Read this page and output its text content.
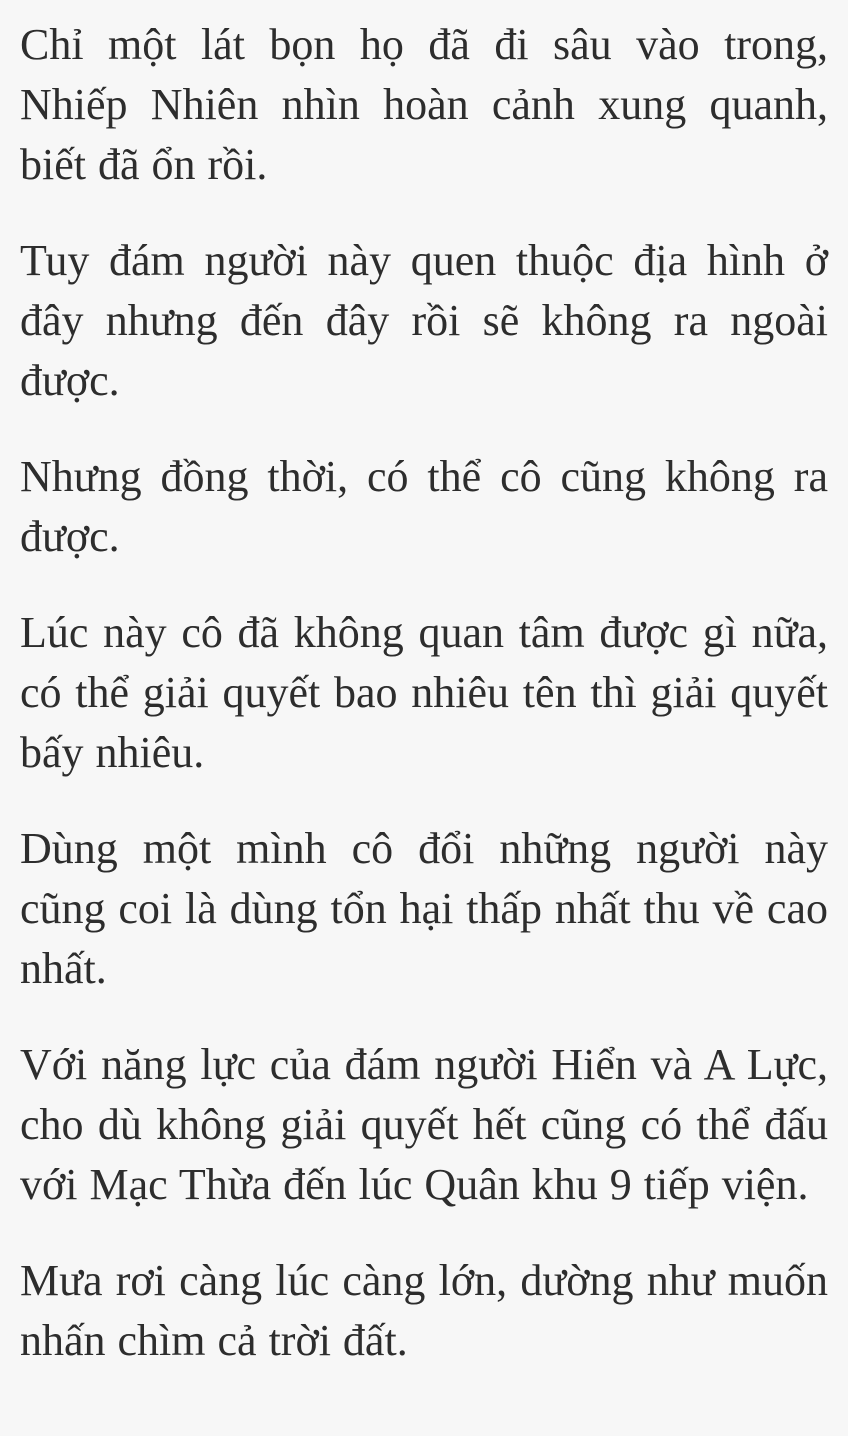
Chỉ một lát bọn họ đã đi sâu vào trong, Nhiếp Nhiên nhìn hoàn cảnh xung quanh, biết đã ổn rồi.

Tuy đám người này quen thuộc địa hình ở đây nhưng đến đây rồi sẽ không ra ngoài được.

Nhưng đồng thời, có thể cô cũng không ra được.

Lúc này cô đã không quan tâm được gì nữa, có thể giải quyết bao nhiêu tên thì giải quyết bấy nhiêu.

Dùng một mình cô đổi những người này cũng coi là dùng tổn hại thấp nhất thu về cao nhất.

Với năng lực của đám người Hiển và A Lực, cho dù không giải quyết hết cũng có thể đấu với Mạc Thừa đến lúc Quân khu 9 tiếp viện.

Mưa rơi càng lúc càng lớn, dường như muốn nhấn chìm cả trời đất.
